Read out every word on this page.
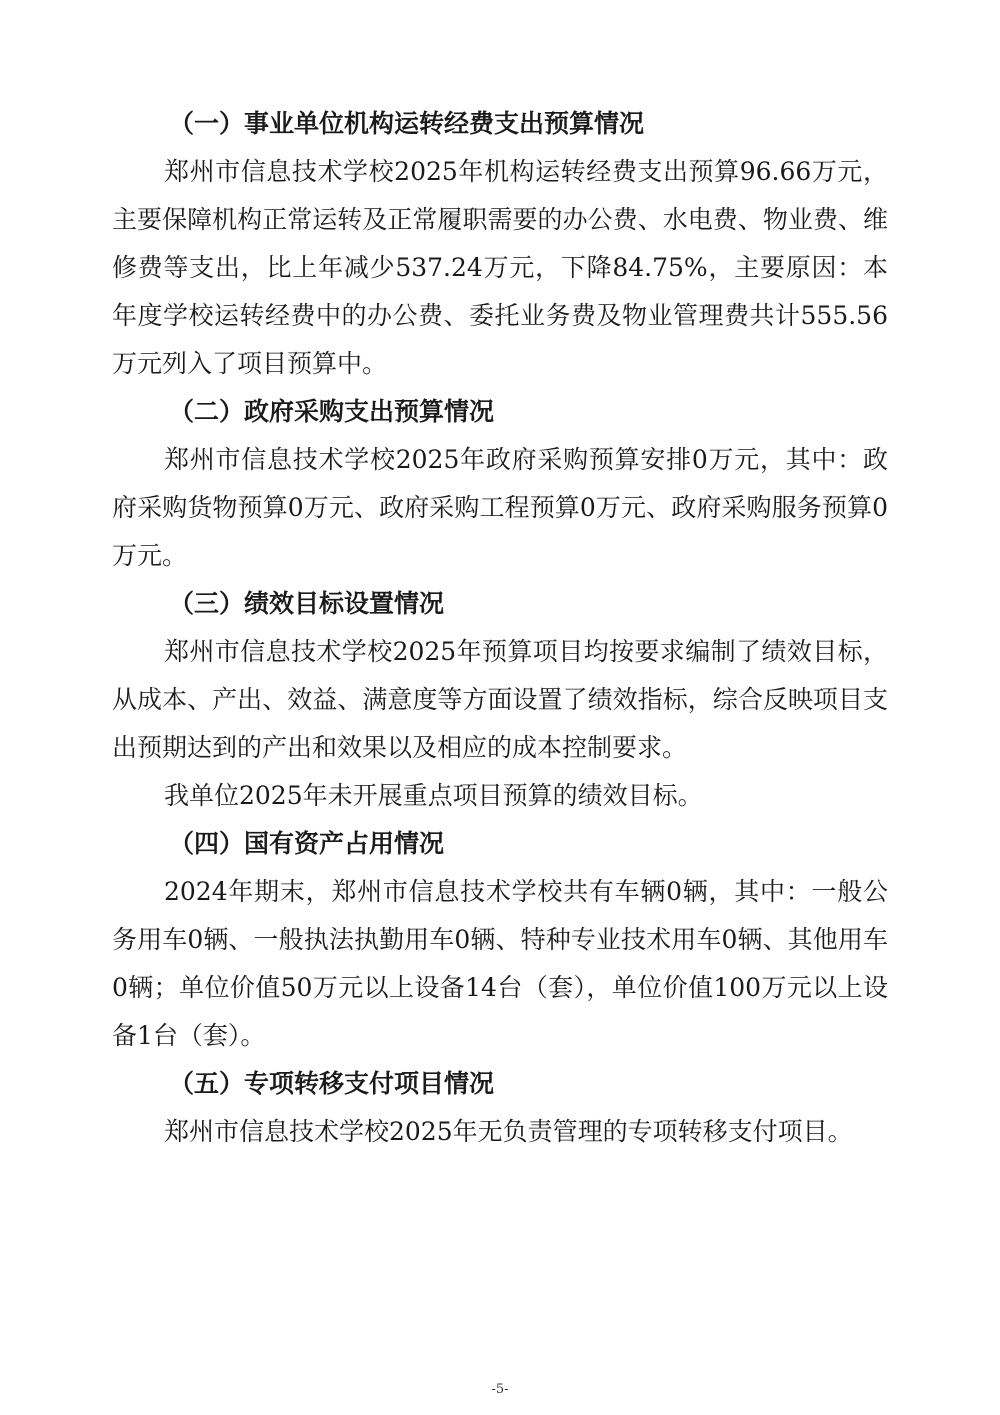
（一）事业单位机构运转经费支出预算情况

郑州市信息技术学校2025年机构运转经费支出预算96.66万元，主要保障机构正常运转及正常履职需要的办公费、水电费、物业费、维修费等支出，比上年减少537.24万元，下降84.75%，主要原因：本年度学校运转经费中的办公费、委托业务费及物业管理费共计555.56万元列入了项目预算中。

（二）政府采购支出预算情况

郑州市信息技术学校2025年政府采购预算安排0万元，其中：政府采购货物预算0万元、政府采购工程预算0万元、政府采购服务预算0万元。

（三）绩效目标设置情况

郑州市信息技术学校2025年预算项目均按要求编制了绩效目标，从成本、产出、效益、满意度等方面设置了绩效指标，综合反映项目支出预期达到的产出和效果以及相应的成本控制要求。

我单位2025年未开展重点项目预算的绩效目标。

（四）国有资产占用情况

2024年期末，郑州市信息技术学校共有车辆0辆，其中：一般公务用车0辆、一般执法执勤用车0辆、特种专业技术用车0辆、其他用车0辆；单位价值50万元以上设备14台（套），单位价值100万元以上设备1台（套）。

（五）专项转移支付项目情况

郑州市信息技术学校2025年无负责管理的专项转移支付项目。

-5-
